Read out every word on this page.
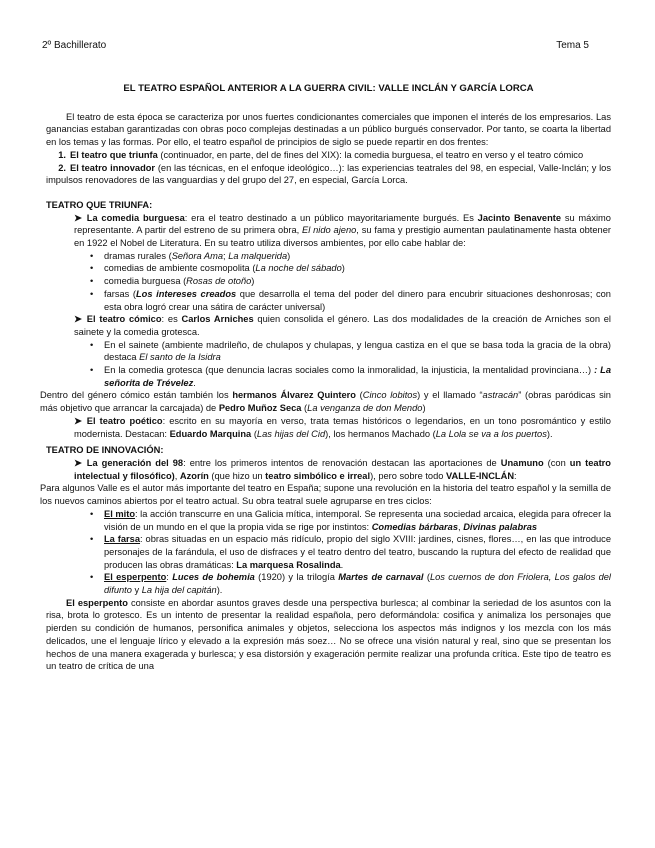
2º Bachillerato	Tema 5
EL TEATRO ESPAÑOL ANTERIOR A LA GUERRA CIVIL: VALLE INCLÁN Y GARCÍA LORCA

El teatro de esta época se caracteriza por unos fuertes condicionantes comerciales que imponen el interés de los empresarios. Las ganancias estaban garantizadas con obras poco complejas destinadas a un público burgués conservador. Por tanto, se coarta la libertad en los temas y las formas. Por ello, el teatro español de principios de siglo se puede repartir en dos frentes:

1. El teatro que triunfa (continuador, en parte, del de fines del XIX): la comedia burguesa, el teatro en verso y el teatro cómico

2. El teatro innovador (en las técnicas, en el enfoque ideológico…): las experiencias teatrales del 98, en especial, Valle-Inclán; y los impulsos renovadores de las vanguardias y del grupo del 27, en especial, García Lorca.

TEATRO QUE TRIUNFA:

➤ La comedia burguesa: era el teatro destinado a un público mayoritariamente burgués. Es Jacinto Benavente su máximo representante. A partir del estreno de su primera obra, El nido ajeno, su fama y prestigio aumentan paulatinamente hasta obtener en 1922 el Nobel de Literatura. En su teatro utiliza diversos ambientes, por ello cabe hablar de:

• dramas rurales (Señora Ama; La malquerida)
• comedias de ambiente cosmopolita (La noche del sábado)
• comedia burguesa (Rosas de otoño)
• farsas (Los intereses creados que desarrolla el tema del poder del dinero para encubrir situaciones deshonrosas; con esta obra logró crear una sátira de carácter universal)

➤ El teatro cómico: es Carlos Arniches quien consolida el género. Las dos modalidades de la creación de Arniches son el sainete y la comedia grotesca.

• En el sainete (ambiente madrileño, de chulapos y chulapas, y lengua castiza en el que se basa toda la gracia de la obra) destaca El santo de la Isidra
• En la comedia grotesca (que denuncia lacras sociales como la inmoralidad, la injusticia, la mentalidad provinciana…) : La señorita de Trévelez.

Dentro del género cómico están también los hermanos Álvarez Quintero (Cinco lobitos) y el llamado “astracán” (obras paródicas sin más objetivo que arrancar la carcajada) de Pedro Muñoz Seca (La venganza de don Mendo)

➤ El teatro poético: escrito en su mayoría en verso, trata temas históricos o legendarios, en un tono posromántico y estilo modernista. Destacan: Eduardo Marquina (Las hijas del Cid), los hermanos Machado (La Lola se va a los puertos).

TEATRO DE INNOVACIÓN:

➤ La generación del 98: entre los primeros intentos de renovación destacan las aportaciones de Unamuno (con un teatro intelectual y filosófico), Azorín (que hizo un teatro simbólico e irreal), pero sobre todo VALLE-INCLÁN:

Para algunos Valle es el autor más importante del teatro en España; supone una revolución en la historia del teatro español y la semilla de los nuevos caminos abiertos por el teatro actual. Su obra teatral suele agruparse en tres ciclos:

• El mito: la acción transcurre en una Galicia mítica, intemporal. Se representa una sociedad arcaica, elegida para ofrecer la visión de un mundo en el que la propia vida se rige por instintos: Comedias bárbaras, Divinas palabras
• La farsa: obras situadas en un espacio más ridículo, propio del siglo XVIII: jardines, cisnes, flores…, en las que introduce personajes de la farándula, el uso de disfraces y el teatro dentro del teatro, buscando la ruptura del efecto de realidad que producen las obras dramáticas: La marquesa Rosalinda.
• El esperpento: Luces de bohemia (1920) y la trilogía Martes de carnaval (Los cuernos de don Friolera, Los galos del difunto y La hija del capitán).

El esperpento consiste en abordar asuntos graves desde una perspectiva burlesca; al combinar la seriedad de los asuntos con la risa, brota lo grotesco. Es un intento de presentar la realidad española, pero deformándola: cosifica y animaliza los personajes que pierden su condición de humanos, personifica animales y objetos, selecciona los aspectos más indignos y los mezcla con los más delicados, une el lenguaje lírico y elevado a la expresión más soez… No se ofrece una visión natural y real, sino que se presentan los hechos de una manera exagerada y burlesca; y esa distorsión y exageración permite realizar una profunda crítica. Este tipo de teatro es un teatro de crítica de una
